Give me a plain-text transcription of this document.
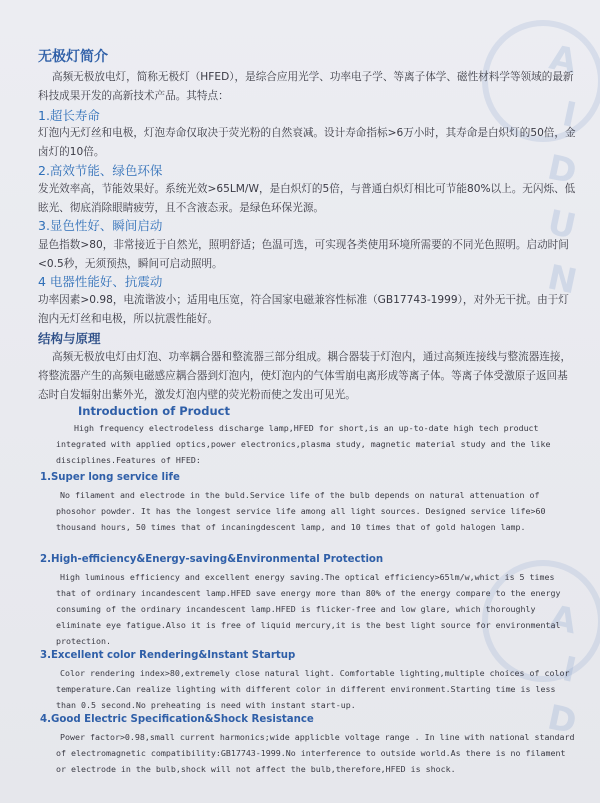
A
I
D
U
N
A
I
D
无极灯简介
高频无极放电灯，简称无极灯（HFED），是综合应用光学、功率电子学、等离子体学、磁性材料学等领域的最新科技成果开发的高新技术产品。其特点：
1.超长寿命
灯泡内无灯丝和电极，灯泡寿命仅取决于荧光粉的自然衰减。设计寿命指标>6万小时，其寿命是白炽灯的50倍，金卤灯的10倍。
2.高效节能、绿色环保
发光效率高，节能效果好。系统光效>65LM/W，是白炽灯的5倍，与普通白炽灯相比可节能80%以上。无闪烁、低眩光、彻底消除眼睛疲劳，且不含液态汞。是绿色环保光源。
3.显色性好、瞬间启动
显色指数>80，非常接近于自然光，照明舒适；色温可选，可实现各类使用环境所需要的不同光色照明。启动时间<0.5秒，无须预热，瞬间可启动照明。
4 电器性能好、抗震动
功率因素>0.98，电流谐波小；适用电压宽，符合国家电磁兼容性标准（GB17743-1999），对外无干扰。由于灯泡内无灯丝和电极，所以抗震性能好。
结构与原理
高频无极放电灯由灯泡、功率耦合器和整流器三部分组成。耦合器装于灯泡内，通过高频连接线与整流器连接，将整流器产生的高频电磁感应耦合器到灯泡内，使灯泡内的气体雪崩电离形成等离子体。等离子体受激原子返回基态时自发辐射出紫外光，激发灯泡内壁的荧光粉而使之发出可见光。
Introduction of Product
High frequency electrodeless discharge lamp,HFED for short,is an up-to-date high tech product integrated with applied optics,power electronics,plasma study, magnetic material study and the like disciplines.Features of HFED:
1.Super long service life
No filament and electrode in the buld.Service life of the bulb depends on natural attenuation of phosohor powder. It has the longest service life among all light sources. Designed service life>60 thousand hours, 50 times that of incaningdescent lamp, and 10 times that of gold halogen lamp.
2.High-efficiency&Energy-saving&Environmental Protection
High luminous efficiency and excellent energy saving.The optical efficiency>65lm/w,whict is 5 times that of ordinary incandescent lamp.HFED save energy more than 80% of the energy compare to the energy consuming of the ordinary incandescent lamp.HFED is flicker-free and low glare, which thoroughly eliminate eye fatigue.Also it is free of liquid mercury,it is the best light source for environmental protection.
3.Excellent color Rendering&Instant Startup
Color rendering index>80,extremely close natural light. Comfortable lighting,multiple choices of color temperature.Can realize lighting with different color in different environment.Starting time is less than 0.5 second.No preheating is need with instant start-up.
4.Good Electric Specification&Shock Resistance
Power factor>0.98,small current harmonics;wide applicble voltage range . In line with national standard of electromagnetic compatibility:GB17743-1999.No interference to outside world.As there is no filament or electrode in the bulb,shock will not affect the bulb,therefore,HFED is shock.
